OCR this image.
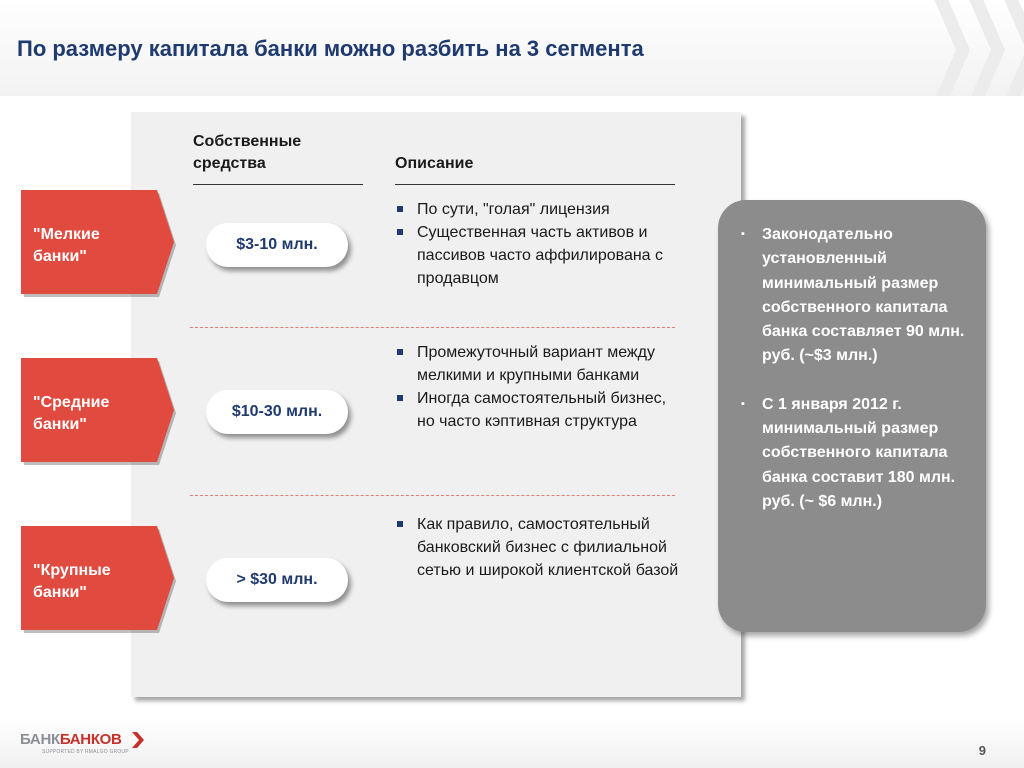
По размеру капитала банки можно разбить на 3 сегмента
Собственные средства	Описание
"Мелкие
банки"
$3-10 млн.
По сути, "голая" лицензия
Существенная часть активов и пассивов часто аффилирована с продавцом
"Средние
банки"
$10-30 млн.
Промежуточный вариант между мелкими и крупными банками
Иногда самостоятельный бизнес, но часто кэптивная структура
"Крупные
банки"
> $30 млн.
Как правило, самостоятельный банковский бизнес с филиальной сетью и широкой клиентской базой
▪ Законодательно установленный минимальный размер собственного капитала банка составляет 90 млн. руб. (~$3 млн.)
▪ С 1 января 2012 г. минимальный размер собственного капитала банка составит 180 млн. руб. (~ $6 млн.)
БАНКБАНКОВ
SUPPORTED BY RMALGO GROUP	9
